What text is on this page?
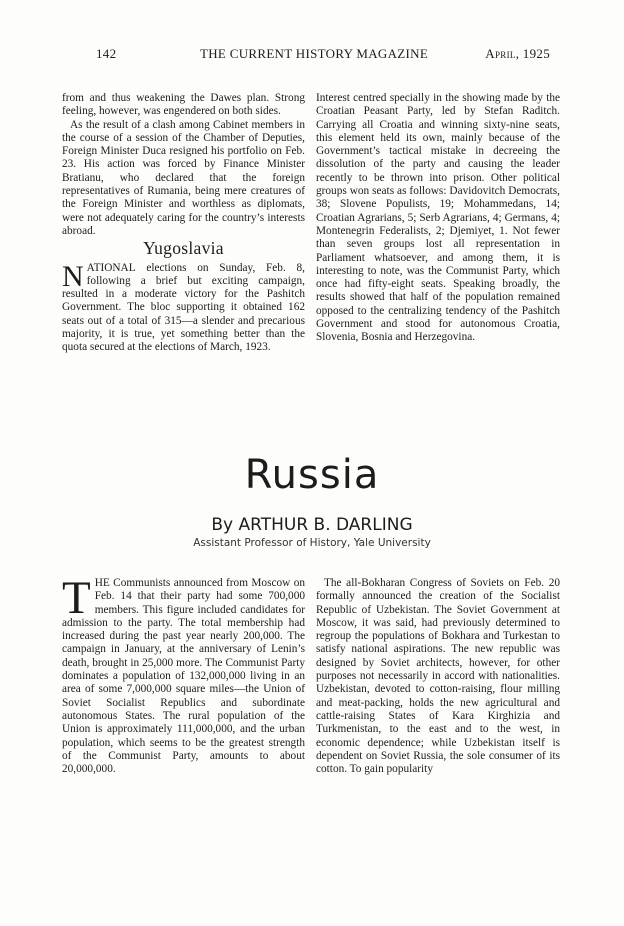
142	THE CURRENT HISTORY MAGAZINE	April, 1925

from and thus weakening the Dawes plan. Strong feeling, however, was engendered on both sides.

As the result of a clash among Cabinet members in the course of a session of the Chamber of Deputies, Foreign Minister Duca resigned his portfolio on Feb. 23. His action was forced by Finance Minister Bratianu, who declared that the foreign representatives of Rumania, being mere creatures of the Foreign Minister and worthless as diplomats, were not adequately caring for the country’s interests abroad.

Yugoslavia

NATIONAL elections on Sunday, Feb. 8, following a brief but exciting campaign, resulted in a moderate victory for the Pashitch Government. The bloc supporting it obtained 162 seats out of a total of 315—a slender and precarious majority, it is true, yet something better than the quota secured at the elections of March, 1923.

Interest centred specially in the showing made by the Croatian Peasant Party, led by Stefan Raditch. Carrying all Croatia and winning sixty-nine seats, this element held its own, mainly because of the Government’s tactical mistake in decreeing the dissolution of the party and causing the leader recently to be thrown into prison. Other political groups won seats as follows: Davidovitch Democrats, 38; Slovene Populists, 19; Mohammedans, 14; Croatian Agrarians, 5; Serb Agrarians, 4; Germans, 4; Montenegrin Federalists, 2; Djemiyet, 1. Not fewer than seven groups lost all representation in Parliament whatsoever, and among them, it is interesting to note, was the Communist Party, which once had fifty-eight seats. Speaking broadly, the results showed that half of the population remained opposed to the centralizing tendency of the Pashitch Government and stood for autonomous Croatia, Slovenia, Bosnia and Herzegovina.

Russia
By ARTHUR B. DARLING
Assistant Professor of History, Yale University

THE Communists announced from Moscow on Feb. 14 that their party had some 700,000 members. This figure included candidates for admission to the party. The total membership had increased during the past year nearly 200,000. The campaign in January, at the anniversary of Lenin’s death, brought in 25,000 more. The Communist Party dominates a population of 132,000,000 living in an area of some 7,000,000 square miles—the Union of Soviet Socialist Republics and subordinate autonomous States. The rural population of the Union is approximately 111,000,000, and the urban population, which seems to be the greatest strength of the Communist Party, amounts to about 20,000,000.

The all-Bokharan Congress of Soviets on Feb. 20 formally announced the creation of the Socialist Republic of Uzbekistan. The Soviet Government at Moscow, it was said, had previously determined to regroup the populations of Bokhara and Turkestan to satisfy national aspirations. The new republic was designed by Soviet architects, however, for other purposes not necessarily in accord with nationalities. Uzbekistan, devoted to cotton-raising, flour milling and meat-packing, holds the new agricultural and cattle-raising States of Kara Kirghizia and Turkmenistan, to the east and to the west, in economic dependence; while Uzbekistan itself is dependent on Soviet Russia, the sole consumer of its cotton. To gain popularity
